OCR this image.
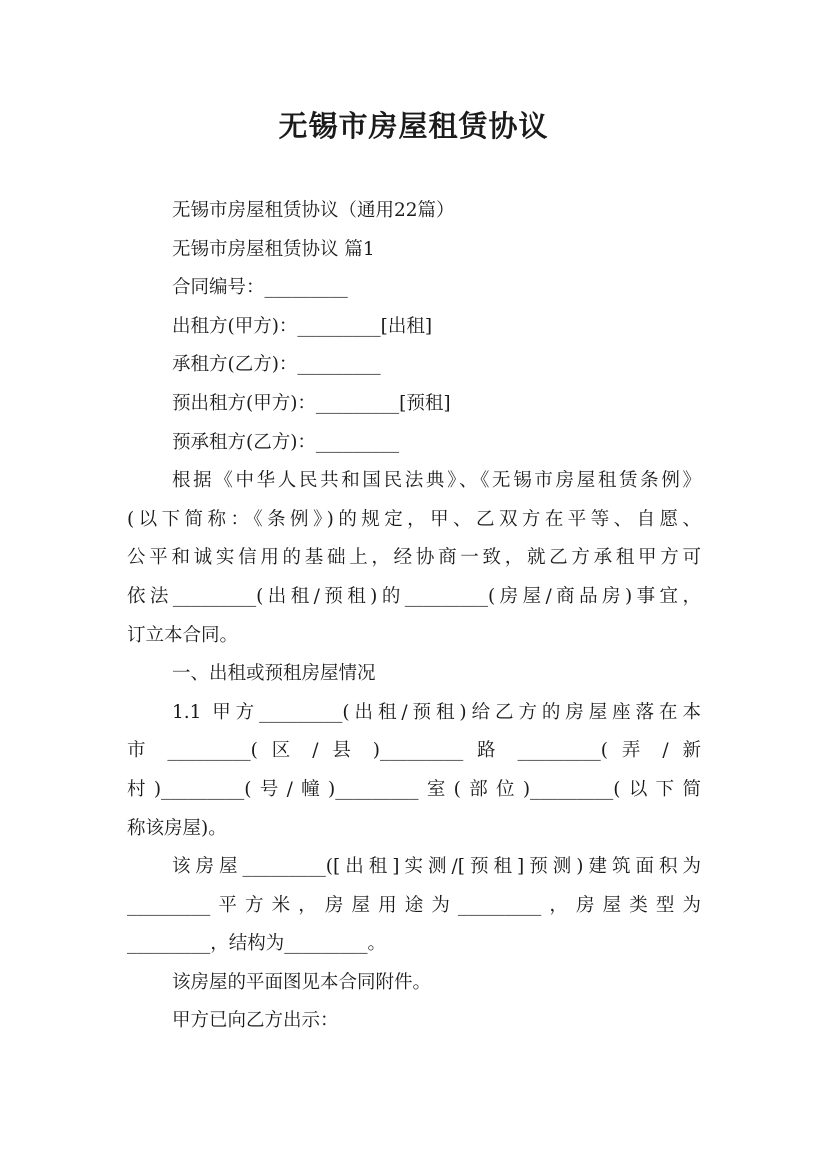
无锡市房屋租赁协议
无锡市房屋租赁协议（通用22篇）
无锡市房屋租赁协议 篇1
合同编号：_________
出租方(甲方)：_________[出租]
承租方(乙方)：_________
预出租方(甲方)：_________[预租]
预承租方(乙方)：_________
根据《中华人民共和国民法典》、《无锡市房屋租赁条例》
(以下简称：《条例》)的规定，甲、乙双方在平等、自愿、
公平和诚实信用的基础上，经协商一致，就乙方承租甲方可
依法_________(出租/预租)的_________(房屋/商品房)事宜，
订立本合同。
一、出租或预租房屋情况
1.1 甲方_________(出租/预租)给乙方的房屋座落在本
市 _________( 区 / 县 )_________ 路 _________( 弄 / 新
村)_________(号/幢)_________室(部位)_________(以下简
称该房屋)。
该房屋_________([出租]实测/[预租]预测)建筑面积为
_________平方米，房屋用途为_________，房屋类型为
_________，结构为_________。
该房屋的平面图见本合同附件。
甲方已向乙方出示：
